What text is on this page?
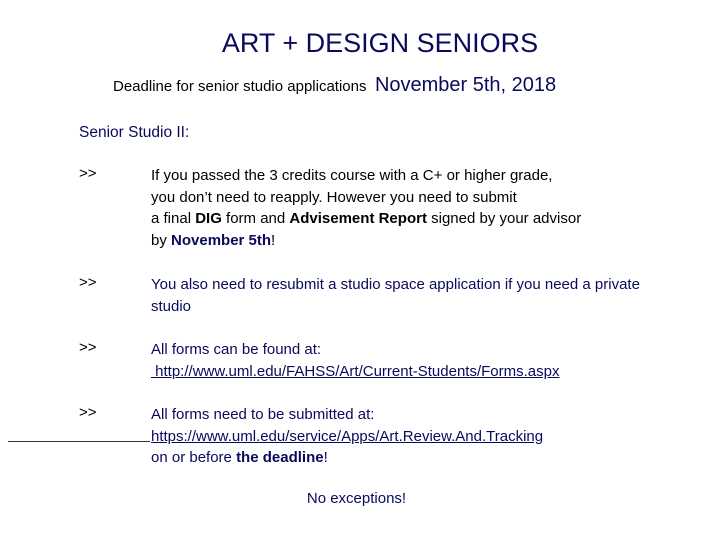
ART + DESIGN SENIORS
Deadline for senior studio applications November 5th, 2018
Senior Studio II:
>>	If you passed the 3 credits course with a C+ or higher grade,
you don’t need to reapply. However you need to submit
a final DIG form and Advisement Report signed by your advisor
by November 5th!
>>	You also need to resubmit a studio space application if you need a private
studio
>>	All forms can be found at:
http://www.uml.edu/FAHSS/Art/Current-Students/Forms.aspx
>>	All forms need to be submitted at:
https://www.uml.edu/service/Apps/Art.Review.And.Tracking
on or before the deadline!
No exceptions!
